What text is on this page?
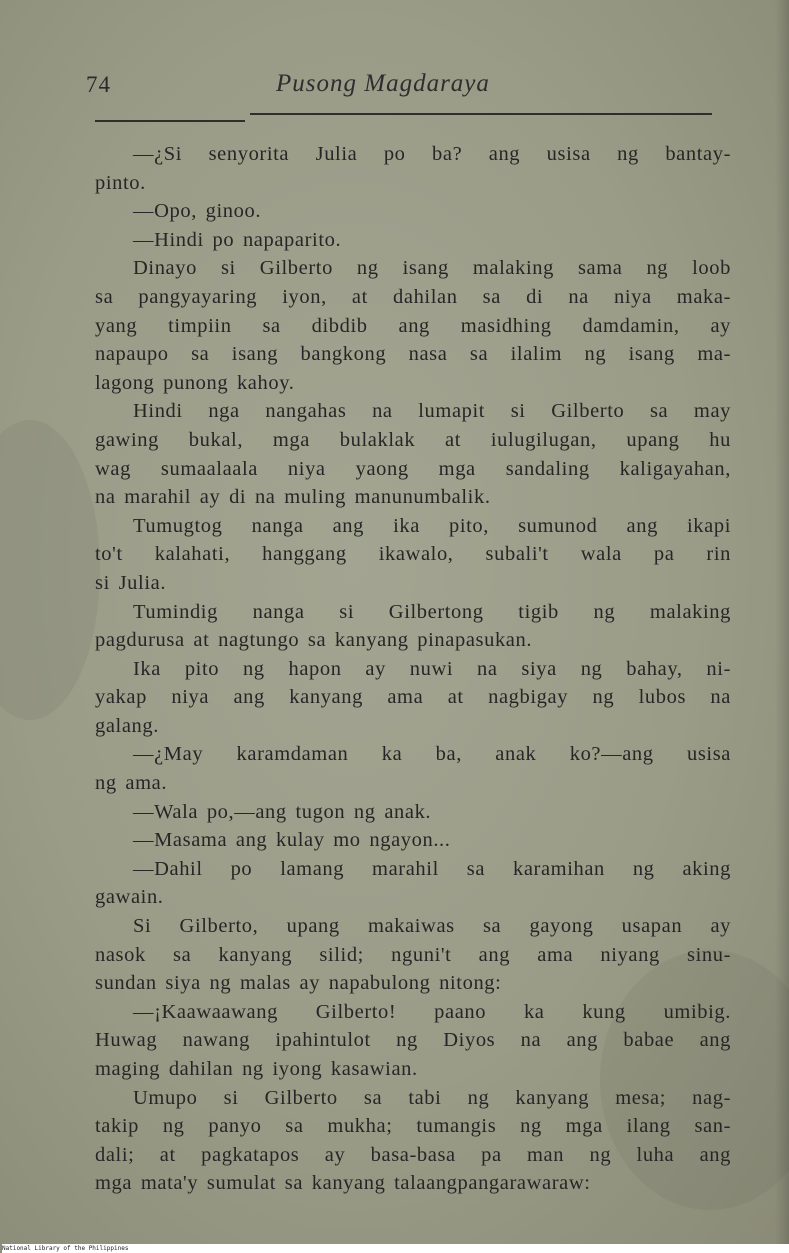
74	Pusong Magdaraya
—¿Si senyorita Julia po ba? ang usisa ng bantay-
pinto.
—Opo, ginoo.
—Hindi po napaparito.
Dinayo si Gilberto ng isang malaking sama ng loob
sa pangyayaring iyon, at dahilan sa di na niya maka-
yang timpiin sa dibdib ang masidhing damdamin, ay
napaupo sa isang bangkong nasa sa ilalim ng isang ma-
lagong punong kahoy.
Hindi nga nangahas na lumapit si Gilberto sa may
gawing bukal, mga bulaklak at iulugilugan, upang hu
wag sumaalaala niya yaong mga sandaling kaligayahan,
na marahil ay di na muling manunumbalik.
Tumugtog nanga ang ika pito, sumunod ang ikapi
to't kalahati, hanggang ikawalo, subali't wala pa rin
si Julia.
Tumindig nanga si Gilbertong tigib ng malaking
pagdurusa at nagtungo sa kanyang pinapasukan.
Ika pito ng hapon ay nuwi na siya ng bahay, ni-
yakap niya ang kanyang ama at nagbigay ng lubos na
galang.
—¿May karamdaman ka ba, anak ko?—ang usisa
ng ama.
—Wala po,—ang tugon ng anak.
—Masama ang kulay mo ngayon...
—Dahil po lamang marahil sa karamihan ng aking
gawain.
Si Gilberto, upang makaiwas sa gayong usapan ay
nasok sa kanyang silid; nguni't ang ama niyang sinu-
sundan siya ng malas ay napabulong nitong:
—¡Kaawaawang Gilberto! paano ka kung umibig.
Huwag nawang ipahintulot ng Diyos na ang babae ang
maging dahilan ng iyong kasawian.
Umupo si Gilberto sa tabi ng kanyang mesa; nag-
takip ng panyo sa mukha; tumangis ng mga ilang san-
dali; at pagkatapos ay basa-basa pa man ng luha ang
mga mata'y sumulat sa kanyang talaangpangarawaraw:
National Library of the Philippines
